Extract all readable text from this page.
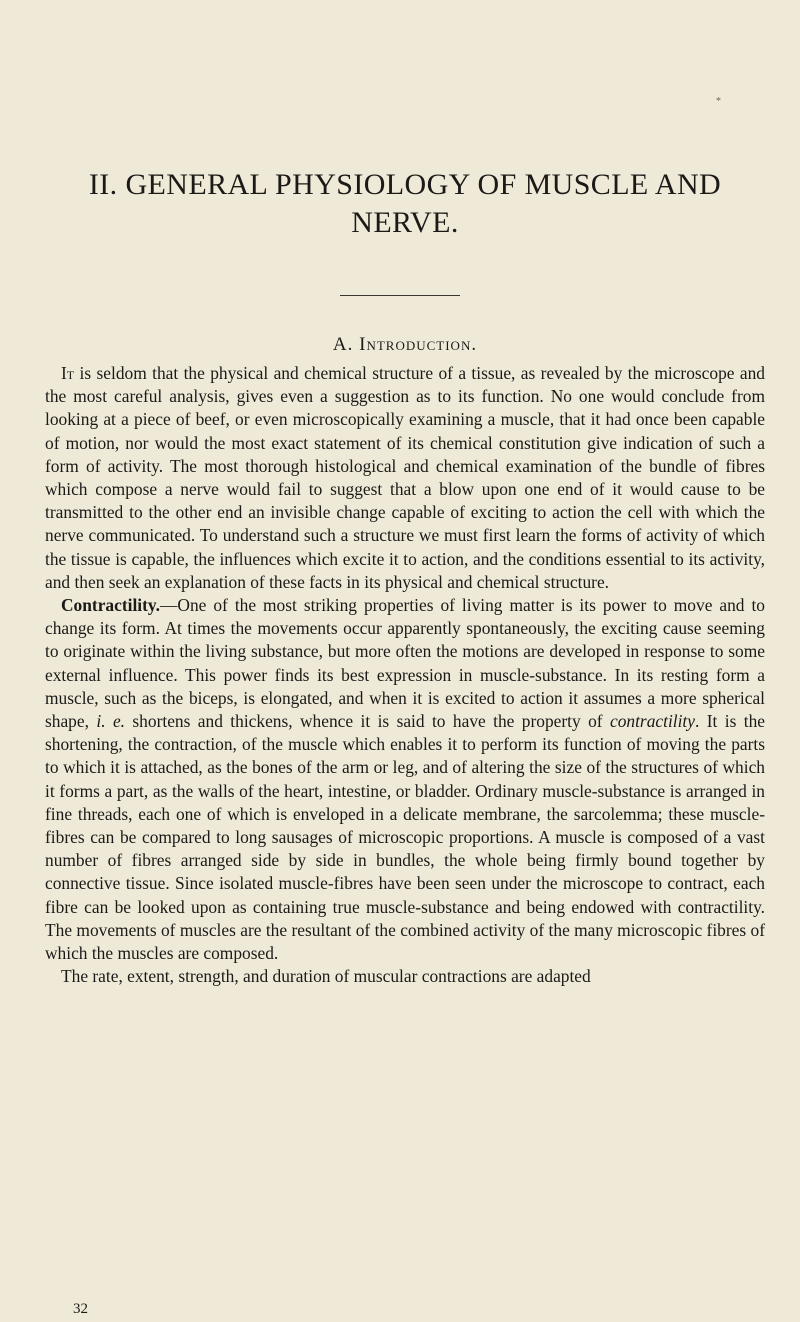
*
II. GENERAL PHYSIOLOGY OF MUSCLE AND NERVE.
A. Introduction.

It is seldom that the physical and chemical structure of a tissue, as revealed by the microscope and the most careful analysis, gives even a suggestion as to its function. No one would conclude from looking at a piece of beef, or even microscopically examining a muscle, that it had once been capable of motion, nor would the most exact statement of its chemical constitution give indication of such a form of activity. The most thorough histological and chemical examination of the bundle of fibres which compose a nerve would fail to suggest that a blow upon one end of it would cause to be transmitted to the other end an invisible change capable of exciting to action the cell with which the nerve communicated. To understand such a structure we must first learn the forms of activity of which the tissue is capable, the influences which excite it to action, and the conditions essential to its activity, and then seek an explanation of these facts in its physical and chemical structure.

Contractility.—One of the most striking properties of living matter is its power to move and to change its form. At times the movements occur apparently spontaneously, the exciting cause seeming to originate within the living substance, but more often the motions are developed in response to some external influence. This power finds its best expression in muscle-substance. In its resting form a muscle, such as the biceps, is elongated, and when it is excited to action it assumes a more spherical shape, i. e. shortens and thickens, whence it is said to have the property of contractility. It is the shortening, the contraction, of the muscle which enables it to perform its function of moving the parts to which it is attached, as the bones of the arm or leg, and of altering the size of the structures of which it forms a part, as the walls of the heart, intestine, or bladder. Ordinary muscle-substance is arranged in fine threads, each one of which is enveloped in a delicate membrane, the sarcolemma; these muscle-fibres can be compared to long sausages of microscopic proportions. A muscle is composed of a vast number of fibres arranged side by side in bundles, the whole being firmly bound together by connective tissue. Since isolated muscle-fibres have been seen under the microscope to contract, each fibre can be looked upon as containing true muscle-substance and being endowed with contractility. The movements of muscles are the resultant of the combined activity of the many microscopic fibres of which the muscles are composed.

The rate, extent, strength, and duration of muscular contractions are adapted

32
